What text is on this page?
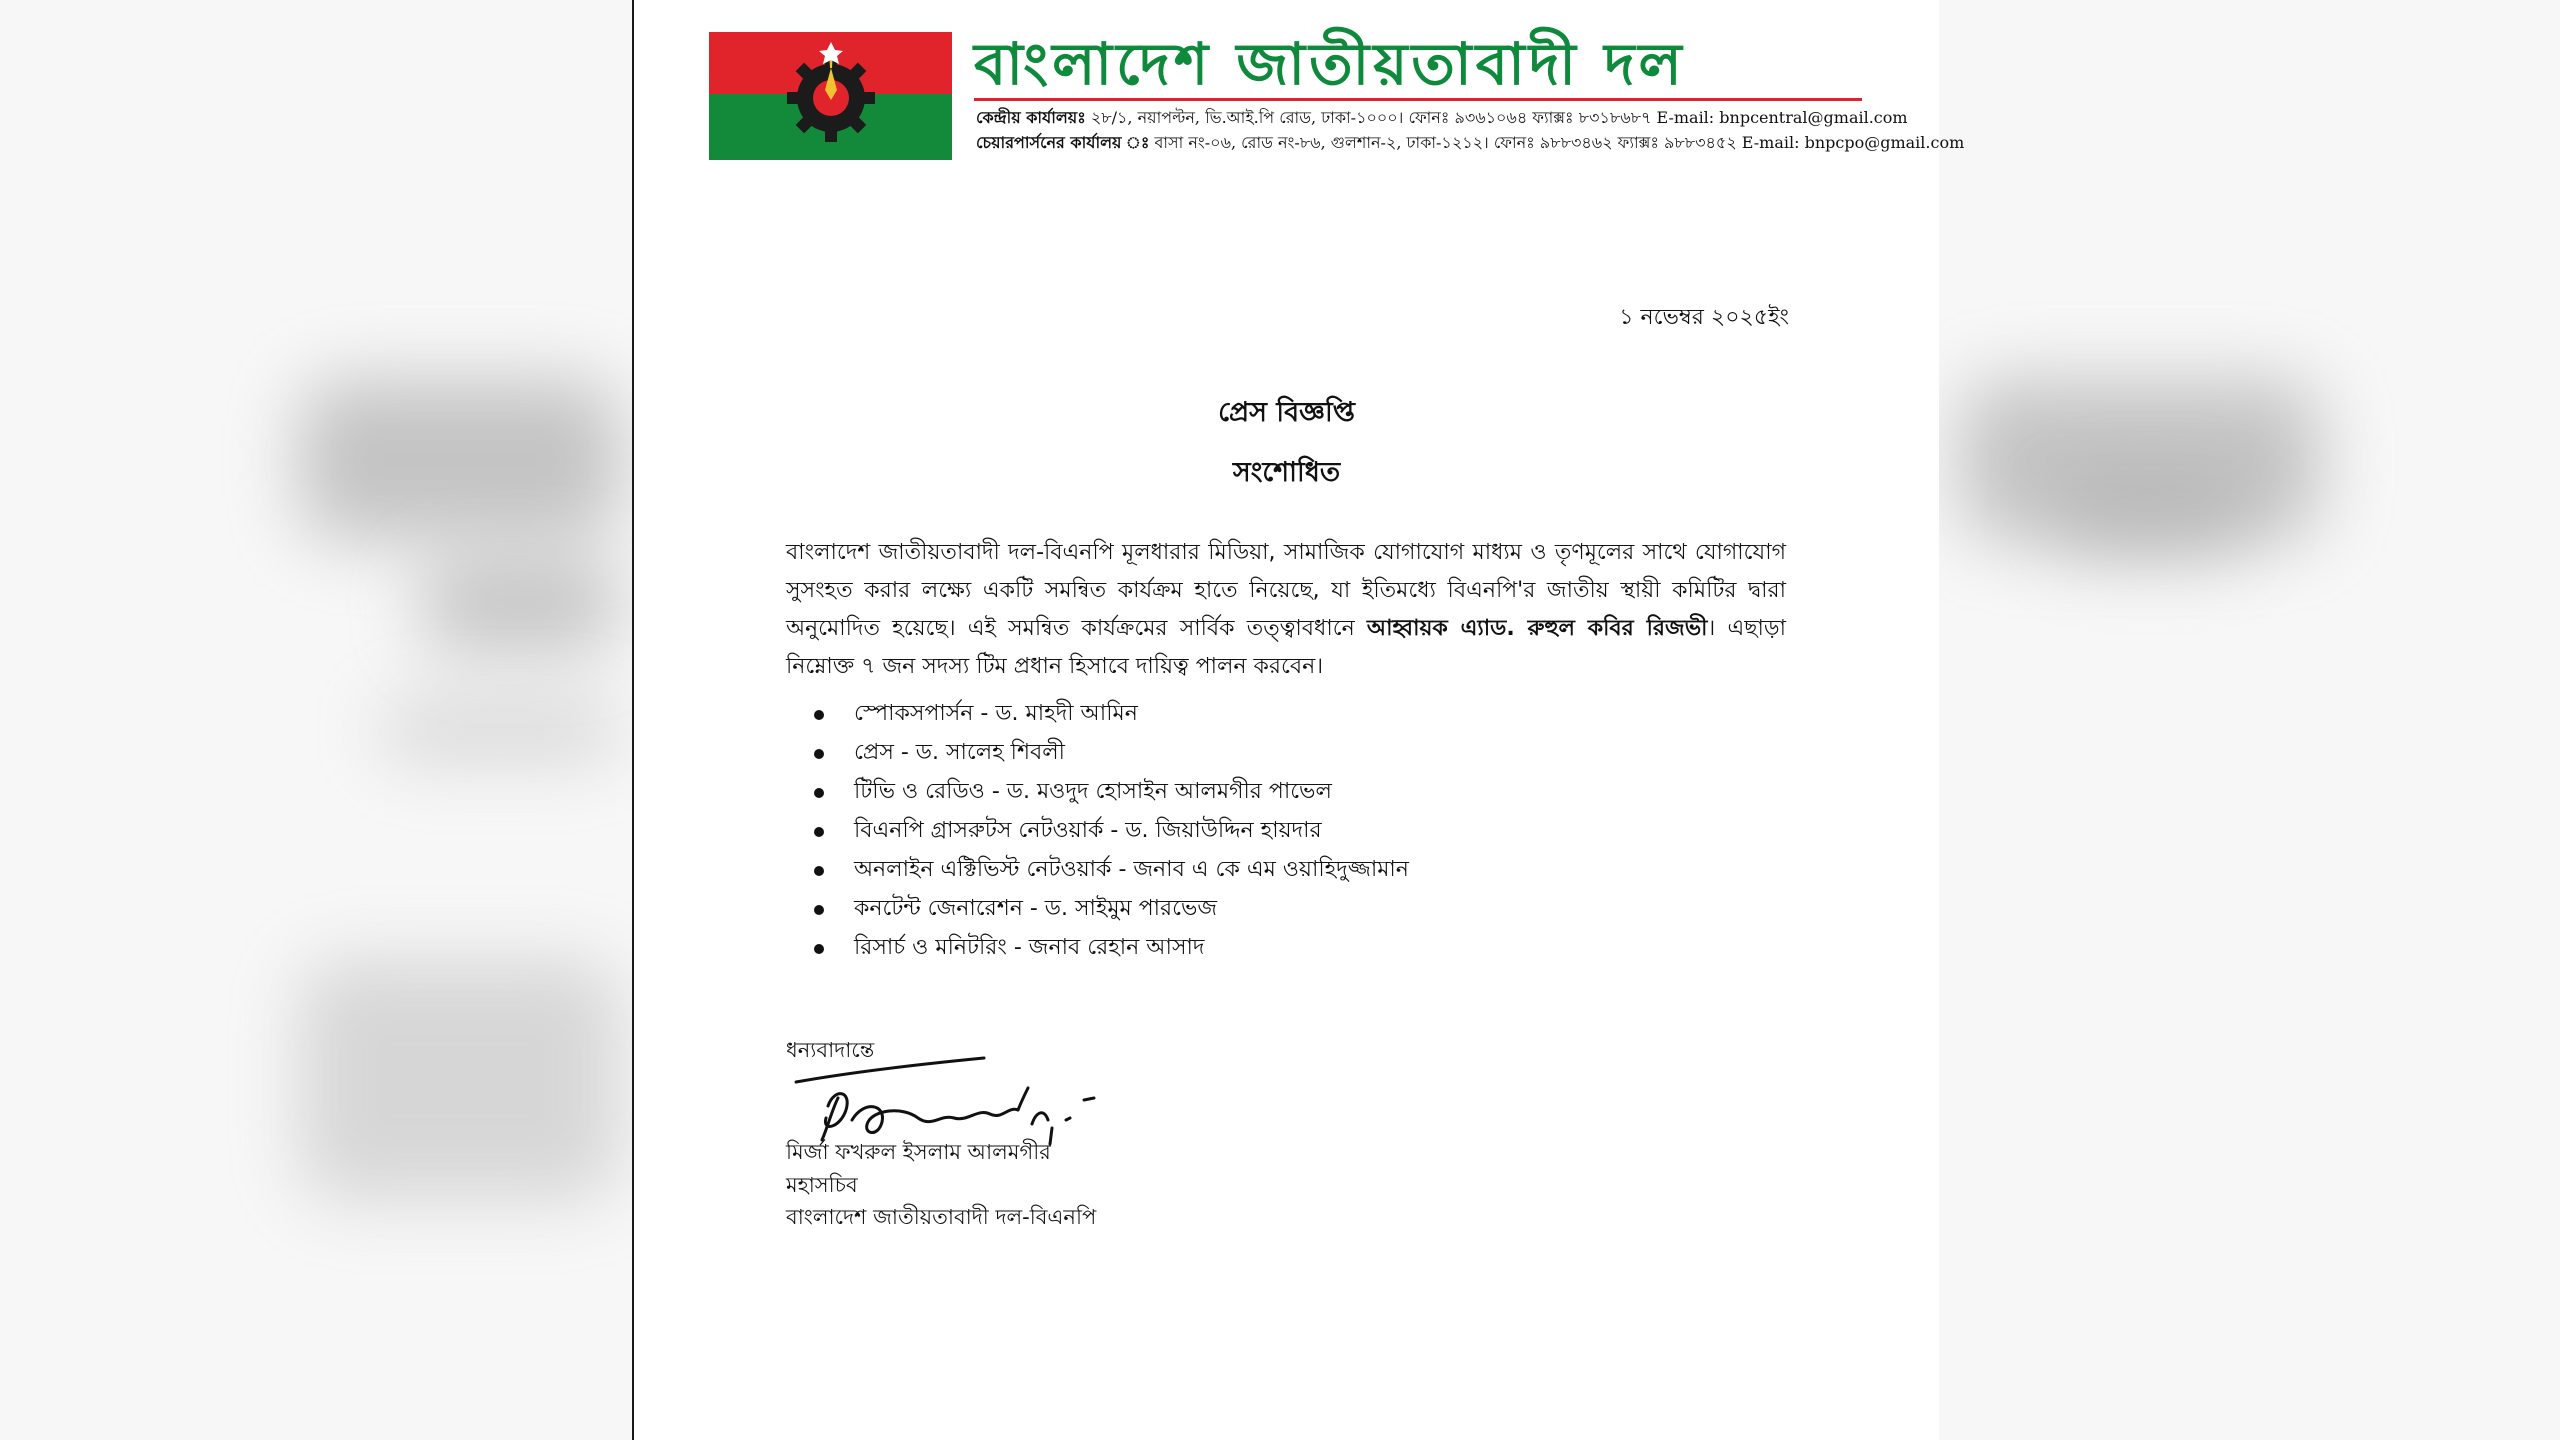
বাংলাদেশ জাতীয়তাবাদী দল
কেন্দ্রীয় কার্যালয়ঃ ২৮/১, নয়াপল্টন, ভি.আই.পি রোড, ঢাকা-১০০০। ফোনঃ ৯৩৬১০৬৪ ফ্যাক্সঃ ৮৩১৮৬৮৭ E-mail: bnpcentral@gmail.com
চেয়ারপার্সনের কার্যালয় ঃ বাসা নং-০৬, রোড নং-৮৬, গুলশান-২, ঢাকা-১২১২। ফোনঃ ৯৮৮৩৪৬২ ফ্যাক্সঃ ৯৮৮৩৪৫২ E-mail: bnpcpo@gmail.com
১ নভেম্বর ২০২৫ইং
প্রেস বিজ্ঞপ্তি
সংশোধিত
বাংলাদেশ জাতীয়তাবাদী দল-বিএনপি মূলধারার মিডিয়া, সামাজিক যোগাযোগ মাধ্যম ও তৃণমূলের সাথে যোগাযোগ সুসংহত করার লক্ষ্যে একটি সমন্বিত কার্যক্রম হাতে নিয়েছে, যা ইতিমধ্যে বিএনপি'র জাতীয় স্থায়ী কমিটির দ্বারা অনুমোদিত হয়েছে। এই সমন্বিত কার্যক্রমের সার্বিক তত্ত্বাবধানে আহ্বায়ক এ্যাড. রুহুল কবির রিজভী। এছাড়া নিম্নোক্ত ৭ জন সদস্য টিম প্রধান হিসাবে দায়িত্ব পালন করবেন।
স্পোকসপার্সন - ড. মাহদী আমিন
প্রেস - ড. সালেহ শিবলী
টিভি ও রেডিও - ড. মওদুদ হোসাইন আলমগীর পাভেল
বিএনপি গ্রাসরুটস নেটওয়ার্ক - ড. জিয়াউদ্দিন হায়দার
অনলাইন এক্টিভিস্ট নেটওয়ার্ক - জনাব এ কে এম ওয়াহিদুজ্জামান
কনটেন্ট জেনারেশন - ড. সাইমুম পারভেজ
রিসার্চ ও মনিটরিং - জনাব রেহান আসাদ
ধন্যবাদান্তে
মির্জা ফখরুল ইসলাম আলমগীর
মহাসচিব
বাংলাদেশ জাতীয়তাবাদী দল-বিএনপি
